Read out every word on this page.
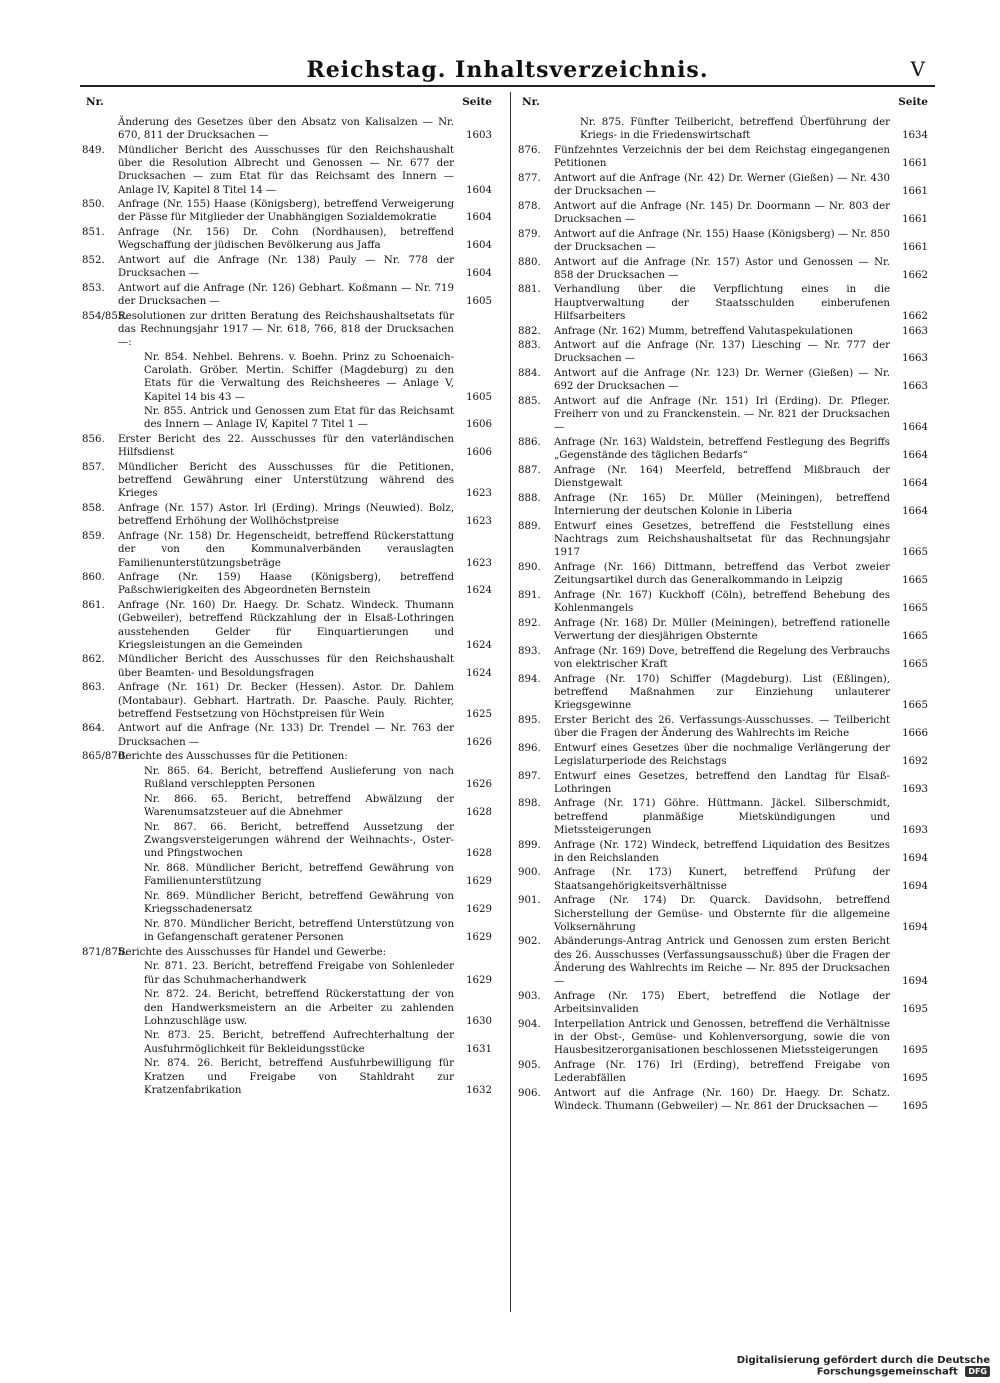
Reichstag. Inhaltsverzeichnis.	V
Nr.	Seite
Änderung des Gesetzes über den Absatz von Kalisalzen — Nr. 670, 811 der Drucksachen —	1603
849.	Mündlicher Bericht des Ausschusses für den Reichshaushalt über die Resolution Albrecht und Genossen — Nr. 677 der Drucksachen — zum Etat für das Reichsamt des Innern — Anlage IV, Kapitel 8 Titel 14 —	1604
850.	Anfrage (Nr. 155) Haase (Königsberg), betreffend Verweigerung der Pässe für Mitglieder der Unabhängigen Sozialdemokratie	1604
851.	Anfrage (Nr. 156) Dr. Cohn (Nordhausen), betreffend Wegschaffung der jüdischen Bevölkerung aus Jaffa	1604
852.	Antwort auf die Anfrage (Nr. 138) Pauly — Nr. 778 der Drucksachen —	1604
853.	Antwort auf die Anfrage (Nr. 126) Gebhart. Koßmann — Nr. 719 der Drucksachen —	1605
854/855.
Resolutionen zur dritten Beratung des Reichshaushaltsetats für das Rechnungsjahr 1917 — Nr. 618, 766, 818 der Drucksachen —:
Nr. 854. Nehbel. Behrens. v. Boehn. Prinz zu Schoenaich-Carolath. Gröber. Mertin. Schiffer (Magdeburg) zu den Etats für die Verwaltung des Reichsheeres — Anlage V, Kapitel 14 bis 43 —	1605
Nr. 855. Antrick und Genossen zum Etat für das Reichsamt des Innern — Anlage IV, Kapitel 7 Titel 1 —	1606
856.	Erster Bericht des 22. Ausschusses für den vaterländischen Hilfsdienst	1606
857.	Mündlicher Bericht des Ausschusses für die Petitionen, betreffend Gewährung einer Unterstützung während des Krieges	1623
858.	Anfrage (Nr. 157) Astor. Irl (Erding). Mrings (Neuwied). Bolz, betreffend Erhöhung der Wollhöchstpreise	1623
859.	Anfrage (Nr. 158) Dr. Hegenscheidt, betreffend Rückerstattung der von den Kommunalverbänden verauslagten Familienunterstützungsbeträge	1623
860.	Anfrage (Nr. 159) Haase (Königsberg), betreffend Paßschwierigkeiten des Abgeordneten Bernstein	1624
861.	Anfrage (Nr. 160) Dr. Haegy. Dr. Schatz. Windeck. Thumann (Gebweiler), betreffend Rückzahlung der in Elsaß-Lothringen ausstehenden Gelder für Einquartierungen und Kriegsleistungen an die Gemeinden	1624
862.	Mündlicher Bericht des Ausschusses für den Reichshaushalt über Beamten- und Besoldungsfragen	1624
863.	Anfrage (Nr. 161) Dr. Becker (Hessen). Astor. Dr. Dahlem (Montabaur). Gebhart. Hartrath. Dr. Paasche. Pauly. Richter, betreffend Festsetzung von Höchstpreisen für Wein	1625
864.	Antwort auf die Anfrage (Nr. 133) Dr. Trendel — Nr. 763 der Drucksachen —	1626
865/870.
Berichte des Ausschusses für die Petitionen:
Nr. 865. 64. Bericht, betreffend Auslieferung von nach Rußland verschleppten Personen	1626
Nr. 866. 65. Bericht, betreffend Abwälzung der Warenumsatzsteuer auf die Abnehmer	1628
Nr. 867. 66. Bericht, betreffend Aussetzung der Zwangsversteigerungen während der Weihnachts-, Oster- und Pfingstwochen	1628
Nr. 868. Mündlicher Bericht, betreffend Gewährung von Familienunterstützung	1629
Nr. 869. Mündlicher Bericht, betreffend Gewährung von Kriegsschadenersatz	1629
Nr. 870. Mündlicher Bericht, betreffend Unterstützung von in Gefangenschaft geratener Personen	1629
871/875.
Berichte des Ausschusses für Handel und Gewerbe:
Nr. 871. 23. Bericht, betreffend Freigabe von Sohlenleder für das Schuhmacherhandwerk	1629
Nr. 872. 24. Bericht, betreffend Rückerstattung der von den Handwerksmeistern an die Arbeiter zu zahlenden Lohnzuschläge usw.	1630
Nr. 873. 25. Bericht, betreffend Aufrechterhaltung der Ausfuhrmöglichkeit für Bekleidungsstücke	1631
Nr. 874. 26. Bericht, betreffend Ausfuhrbewilligung für Kratzen und Freigabe von Stahldraht zur Kratzenfabrikation	1632
Nr.	Seite
Nr. 875. Fünfter Teilbericht, betreffend Überführung der Kriegs- in die Friedenswirtschaft	1634
876.	Fünfzehntes Verzeichnis der bei dem Reichstag eingegangenen Petitionen	1661
877.	Antwort auf die Anfrage (Nr. 42) Dr. Werner (Gießen) — Nr. 430 der Drucksachen —	1661
878.	Antwort auf die Anfrage (Nr. 145) Dr. Doormann — Nr. 803 der Drucksachen —	1661
879.	Antwort auf die Anfrage (Nr. 155) Haase (Königsberg) — Nr. 850 der Drucksachen —	1661
880.	Antwort auf die Anfrage (Nr. 157) Astor und Genossen — Nr. 858 der Drucksachen —	1662
881.	Verhandlung über die Verpflichtung eines in die Hauptverwaltung der Staatsschulden einberufenen Hilfsarbeiters	1662
882.	Anfrage (Nr. 162) Mumm, betreffend Valutaspekulationen	1663
883.	Antwort auf die Anfrage (Nr. 137) Liesching — Nr. 777 der Drucksachen —	1663
884.	Antwort auf die Anfrage (Nr. 123) Dr. Werner (Gießen) — Nr. 692 der Drucksachen —	1663
885.	Antwort auf die Anfrage (Nr. 151) Irl (Erding). Dr. Pfleger. Freiherr von und zu Franckenstein. — Nr. 821 der Drucksachen —	1664
886.	Anfrage (Nr. 163) Waldstein, betreffend Festlegung des Begriffs „Gegenstände des täglichen Bedarfs“	1664
887.	Anfrage (Nr. 164) Meerfeld, betreffend Mißbrauch der Dienstgewalt	1664
888.	Anfrage (Nr. 165) Dr. Müller (Meiningen), betreffend Internierung der deutschen Kolonie in Liberia	1664
889.	Entwurf eines Gesetzes, betreffend die Feststellung eines Nachtrags zum Reichshaushaltsetat für das Rechnungsjahr 1917	1665
890.	Anfrage (Nr. 166) Dittmann, betreffend das Verbot zweier Zeitungsartikel durch das Generalkommando in Leipzig	1665
891.	Anfrage (Nr. 167) Kuckhoff (Cöln), betreffend Behebung des Kohlenmangels	1665
892.	Anfrage (Nr. 168) Dr. Müller (Meiningen), betreffend rationelle Verwertung der diesjährigen Obsternte	1665
893.	Anfrage (Nr. 169) Dove, betreffend die Regelung des Verbrauchs von elektrischer Kraft	1665
894.	Anfrage (Nr. 170) Schiffer (Magdeburg). List (Eßlingen), betreffend Maßnahmen zur Einziehung unlauterer Kriegsgewinne	1665
895.	Erster Bericht des 26. Verfassungs-Ausschusses. — Teilbericht über die Fragen der Änderung des Wahlrechts im Reiche	1666
896.	Entwurf eines Gesetzes über die nochmalige Verlängerung der Legislaturperiode des Reichstags	1692
897.	Entwurf eines Gesetzes, betreffend den Landtag für Elsaß-Lothringen	1693
898.	Anfrage (Nr. 171) Göhre. Hüttmann. Jäckel. Silberschmidt, betreffend planmäßige Mietskündigungen und Mietssteigerungen	1693
899.	Anfrage (Nr. 172) Windeck, betreffend Liquidation des Besitzes in den Reichslanden	1694
900.	Anfrage (Nr. 173) Kunert, betreffend Prüfung der Staatsangehörigkeitsverhältnisse	1694
901.	Anfrage (Nr. 174) Dr. Quarck. Davidsohn, betreffend Sicherstellung der Gemüse- und Obsternte für die allgemeine Volksernährung	1694
902.	Abänderungs-Antrag Antrick und Genossen zum ersten Bericht des 26. Ausschusses (Verfassungsausschuß) über die Fragen der Änderung des Wahlrechts im Reiche — Nr. 895 der Drucksachen —	1694
903.	Anfrage (Nr. 175) Ebert, betreffend die Notlage der Arbeitsinvaliden	1695
904.	Interpellation Antrick und Genossen, betreffend die Verhältnisse in der Obst-, Gemüse- und Kohlenversorgung, sowie die von Hausbesitzerorganisationen beschlossenen Mietssteigerungen	1695
905.	Anfrage (Nr. 176) Irl (Erding), betreffend Freigabe von Lederabfällen	1695
906.	Antwort auf die Anfrage (Nr. 160) Dr. Haegy. Dr. Schatz. Windeck. Thumann (Gebweiler) — Nr. 861 der Drucksachen —	1695
Digitalisierung gefördert durch die Deutsche Forschungsgemeinschaft DFG
